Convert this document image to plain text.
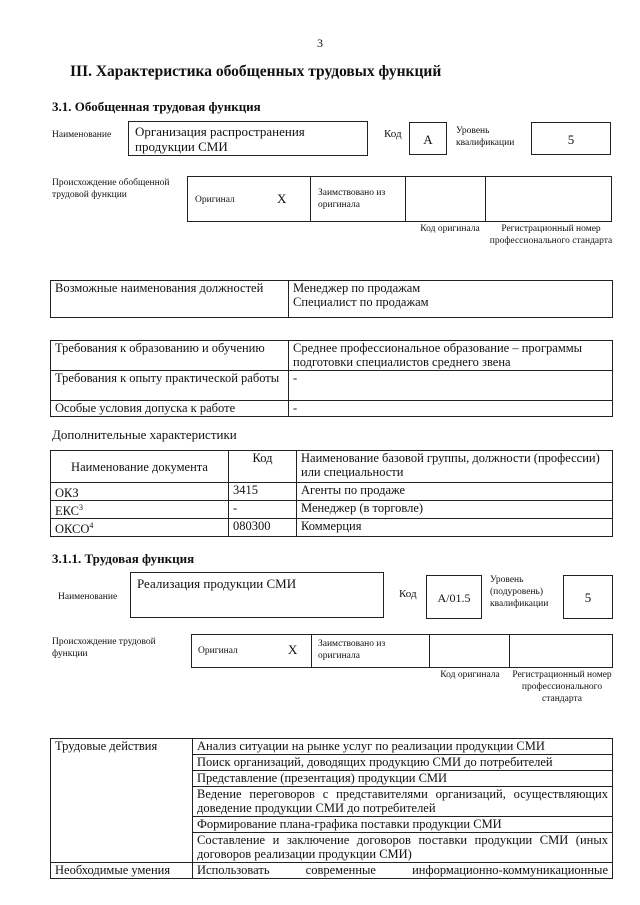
3
III. Характеристика обобщенных трудовых функций
3.1. Обобщенная трудовая функция
Наименование	Организация распространения продукции СМИ
Код	A
Уровень квалификации	5
Происхождение обобщенной трудовой функции	Оригинал	X	Заимствовано из оригинала
Код оригинала	Регистрационный номер профессионального стандарта
Возможные наименования должностей	Менеджер по продажам
Специалист по продажам
Требования к образованию и обучению	Среднее профессиональное образование – программы подготовки специалистов среднего звена
Требования к опыту практической работы	-
Особые условия допуска к работе	-
Дополнительные характеристики
Наименование документа	Код	Наименование базовой группы, должности (профессии) или специальности
ОКЗ	3415	Агенты по продаже
ЕКС$^3$	-	Менеджер (в торговле)
ОКСО$^4$	080300	Коммерция
3.1.1. Трудовая функция
Наименование
Реализация продукции СМИ
Код	A/01.5
Уровень (подуровень) квалификации	5
Происхождение трудовой функции	Оригинал	X Заимствовано из оригинала
Код оригинала	Регистрационный номер профессионального стандарта
Трудовые действия	Анализ ситуации на рынке услуг по реализации продукции СМИ
	Поиск организаций, доводящих продукцию СМИ до потребителей
	Представление (презентация) продукции СМИ
	Ведение переговоров с представителями организаций, осуществляющих доведение продукции СМИ до потребителей
	Формирование плана-графика поставки продукции СМИ
	Составление и заключение договоров поставки продукции СМИ (иных договоров реализации продукции СМИ)
Необходимые умения	Использовать современные информационно-коммуникационные
